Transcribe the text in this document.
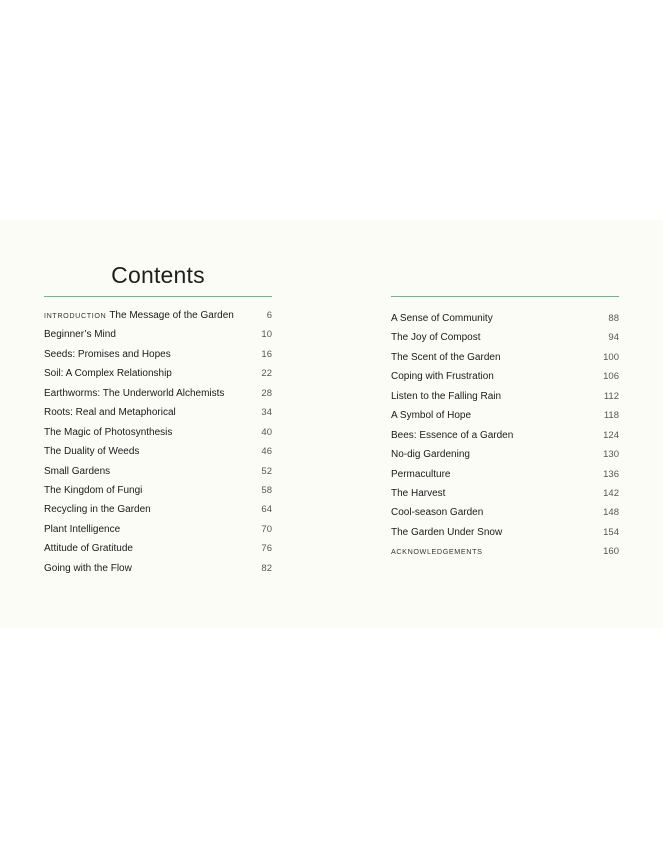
Contents
INTRODUCTION The Message of the Garden	6
Beginner’s Mind	10
Seeds: Promises and Hopes	16
Soil: A Complex Relationship	22
Earthworms: The Underworld Alchemists	28
Roots: Real and Metaphorical	34
The Magic of Photosynthesis	40
The Duality of Weeds	46
Small Gardens	52
The Kingdom of Fungi	58
Recycling in the Garden	64
Plant Intelligence	70
Attitude of Gratitude	76
Going with the Flow	82
A Sense of Community	88
The Joy of Compost	94
The Scent of the Garden	100
Coping with Frustration	106
Listen to the Falling Rain	112
A Symbol of Hope	118
Bees: Essence of a Garden	124
No-dig Gardening	130
Permaculture	136
The Harvest	142
Cool-season Garden	148
The Garden Under Snow	154
ACKNOWLEDGEMENTS	160
